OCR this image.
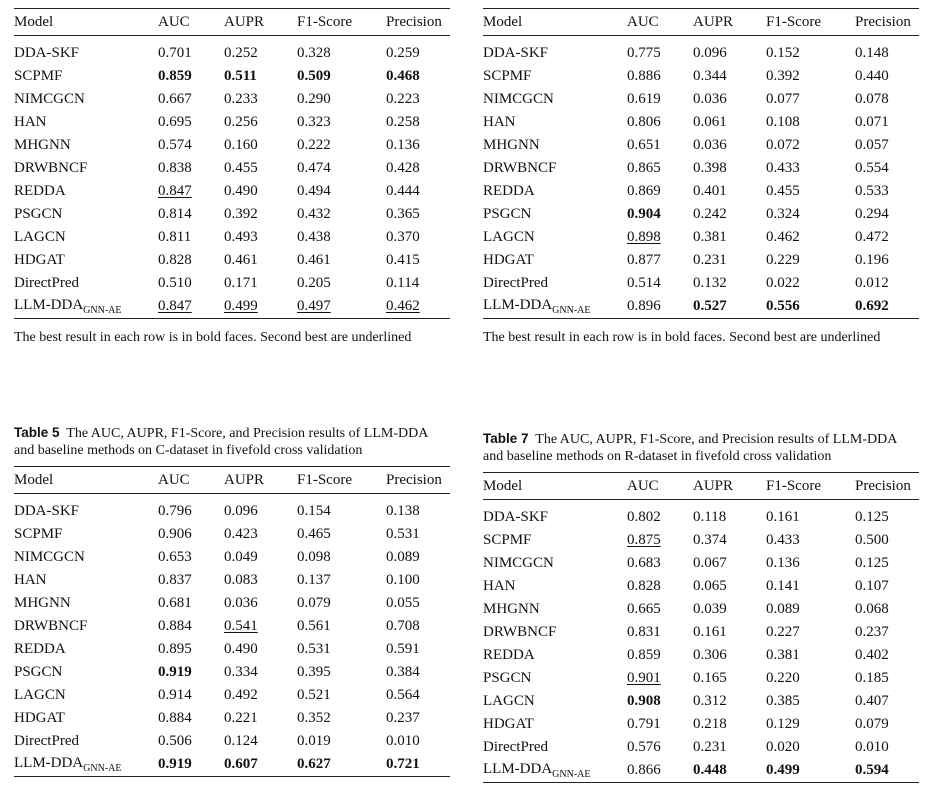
Model	AUC	AUPR	F1-Score	Precision
DDA-SKF	0.701	0.252	0.328	0.259
SCPMF	0.859	0.511	0.509	0.468
NIMCGCN	0.667	0.233	0.290	0.223
HAN	0.695	0.256	0.323	0.258
MHGNN	0.574	0.160	0.222	0.136
DRWBNCF	0.838	0.455	0.474	0.428
REDDA	0.847	0.490	0.494	0.444
PSGCN	0.814	0.392	0.432	0.365
LAGCN	0.811	0.493	0.438	0.370
HDGAT	0.828	0.461	0.461	0.415
DirectPred	0.510	0.171	0.205	0.114
LLM-$DDA_{GNN-AE}$	0.847	0.499	0.497	0.462

The best result in each row is in bold faces. Second best are underlined

Model	AUC	AUPR	F1-Score	Precision
DDA-SKF	0.775	0.096	0.152	0.148
SCPMF	0.886	0.344	0.392	0.440
NIMCGCN	0.619	0.036	0.077	0.078
HAN	0.806	0.061	0.108	0.071
MHGNN	0.651	0.036	0.072	0.057
DRWBNCF	0.865	0.398	0.433	0.554
REDDA	0.869	0.401	0.455	0.533
PSGCN	0.904	0.242	0.324	0.294
LAGCN	0.898	0.381	0.462	0.472
HDGAT	0.877	0.231	0.229	0.196
DirectPred	0.514	0.132	0.022	0.012
LLM-$DDA_{GNN-AE}$	0.896	0.527	0.556	0.692

The best result in each row is in bold faces. Second best are underlined

Table 5 The AUC, AUPR, F1-Score, and Precision results of LLM-DDA and baseline methods on C-dataset in fivefold cross validation

Model	AUC	AUPR	F1-Score	Precision
DDA-SKF	0.796	0.096	0.154	0.138
SCPMF	0.906	0.423	0.465	0.531
NIMCGCN	0.653	0.049	0.098	0.089
HAN	0.837	0.083	0.137	0.100
MHGNN	0.681	0.036	0.079	0.055
DRWBNCF	0.884	0.541	0.561	0.708
REDDA	0.895	0.490	0.531	0.591
PSGCN	0.919	0.334	0.395	0.384
LAGCN	0.914	0.492	0.521	0.564
HDGAT	0.884	0.221	0.352	0.237
DirectPred	0.506	0.124	0.019	0.010
LLM-$DDA_{GNN-AE}$	0.919	0.607	0.627	0.721

Table 7 The AUC, AUPR, F1-Score, and Precision results of LLM-DDA and baseline methods on R-dataset in fivefold cross validation

Model	AUC	AUPR	F1-Score	Precision
DDA-SKF	0.802	0.118	0.161	0.125
SCPMF	0.875	0.374	0.433	0.500
NIMCGCN	0.683	0.067	0.136	0.125
HAN	0.828	0.065	0.141	0.107
MHGNN	0.665	0.039	0.089	0.068
DRWBNCF	0.831	0.161	0.227	0.237
REDDA	0.859	0.306	0.381	0.402
PSGCN	0.901	0.165	0.220	0.185
LAGCN	0.908	0.312	0.385	0.407
HDGAT	0.791	0.218	0.129	0.079
DirectPred	0.576	0.231	0.020	0.010
LLM-$DDA_{GNN-AE}$	0.866	0.448	0.499	0.594
